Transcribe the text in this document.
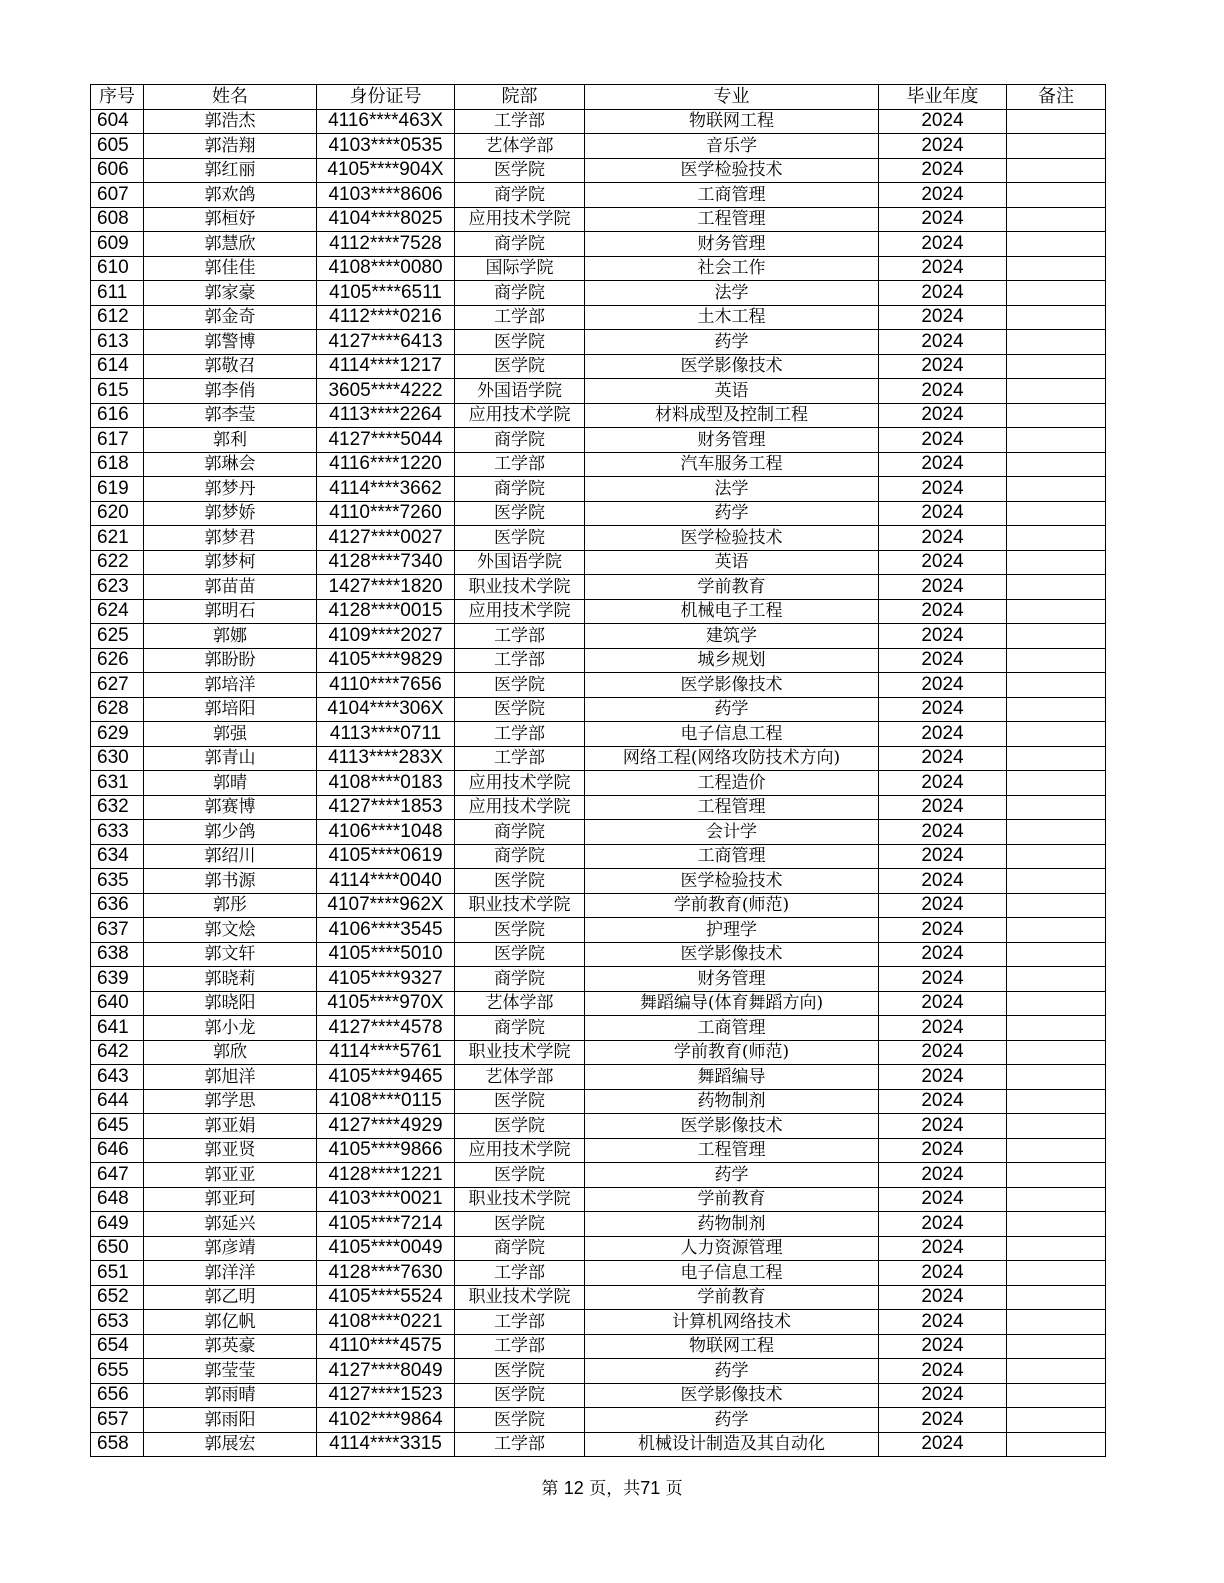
序号	姓名	身份证号	院部	专业	毕业年度	备注
604	郭浩杰	4116****463X	工学部	物联网工程	2024	
605	郭浩翔	4103****0535	艺体学部	音乐学	2024	
606	郭红丽	4105****904X	医学院	医学检验技术	2024	
607	郭欢鸽	4103****8606	商学院	工商管理	2024	
608	郭桓妤	4104****8025	应用技术学院	工程管理	2024	
609	郭慧欣	4112****7528	商学院	财务管理	2024	
610	郭佳佳	4108****0080	国际学院	社会工作	2024	
611	郭家豪	4105****6511	商学院	法学	2024	
612	郭金奇	4112****0216	工学部	土木工程	2024	
613	郭警博	4127****6413	医学院	药学	2024	
614	郭敬召	4114****1217	医学院	医学影像技术	2024	
615	郭李俏	3605****4222	外国语学院	英语	2024	
616	郭李莹	4113****2264	应用技术学院	材料成型及控制工程	2024	
617	郭利	4127****5044	商学院	财务管理	2024	
618	郭琳会	4116****1220	工学部	汽车服务工程	2024	
619	郭梦丹	4114****3662	商学院	法学	2024	
620	郭梦娇	4110****7260	医学院	药学	2024	
621	郭梦君	4127****0027	医学院	医学检验技术	2024	
622	郭梦柯	4128****7340	外国语学院	英语	2024	
623	郭苗苗	1427****1820	职业技术学院	学前教育	2024	
624	郭明石	4128****0015	应用技术学院	机械电子工程	2024	
625	郭娜	4109****2027	工学部	建筑学	2024	
626	郭盼盼	4105****9829	工学部	城乡规划	2024	
627	郭培洋	4110****7656	医学院	医学影像技术	2024	
628	郭培阳	4104****306X	医学院	药学	2024	
629	郭强	4113****0711	工学部	电子信息工程	2024	
630	郭青山	4113****283X	工学部	网络工程(网络攻防技术方向)	2024	
631	郭晴	4108****0183	应用技术学院	工程造价	2024	
632	郭赛博	4127****1853	应用技术学院	工程管理	2024	
633	郭少鸽	4106****1048	商学院	会计学	2024	
634	郭绍川	4105****0619	商学院	工商管理	2024	
635	郭书源	4114****0040	医学院	医学检验技术	2024	
636	郭彤	4107****962X	职业技术学院	学前教育(师范)	2024	
637	郭文烩	4106****3545	医学院	护理学	2024	
638	郭文轩	4105****5010	医学院	医学影像技术	2024	
639	郭晓莉	4105****9327	商学院	财务管理	2024	
640	郭晓阳	4105****970X	艺体学部	舞蹈编导(体育舞蹈方向)	2024	
641	郭小龙	4127****4578	商学院	工商管理	2024	
642	郭欣	4114****5761	职业技术学院	学前教育(师范)	2024	
643	郭旭洋	4105****9465	艺体学部	舞蹈编导	2024	
644	郭学思	4108****0115	医学院	药物制剂	2024	
645	郭亚娟	4127****4929	医学院	医学影像技术	2024	
646	郭亚贤	4105****9866	应用技术学院	工程管理	2024	
647	郭亚亚	4128****1221	医学院	药学	2024	
648	郭亚珂	4103****0021	职业技术学院	学前教育	2024	
649	郭延兴	4105****7214	医学院	药物制剂	2024	
650	郭彦靖	4105****0049	商学院	人力资源管理	2024	
651	郭洋洋	4128****7630	工学部	电子信息工程	2024	
652	郭乙明	4105****5524	职业技术学院	学前教育	2024	
653	郭亿帆	4108****0221	工学部	计算机网络技术	2024	
654	郭英豪	4110****4575	工学部	物联网工程	2024	
655	郭莹莹	4127****8049	医学院	药学	2024	
656	郭雨晴	4127****1523	医学院	医学影像技术	2024	
657	郭雨阳	4102****9864	医学院	药学	2024	
658	郭展宏	4114****3315	工学部	机械设计制造及其自动化	2024	
第 12 页，共71 页
